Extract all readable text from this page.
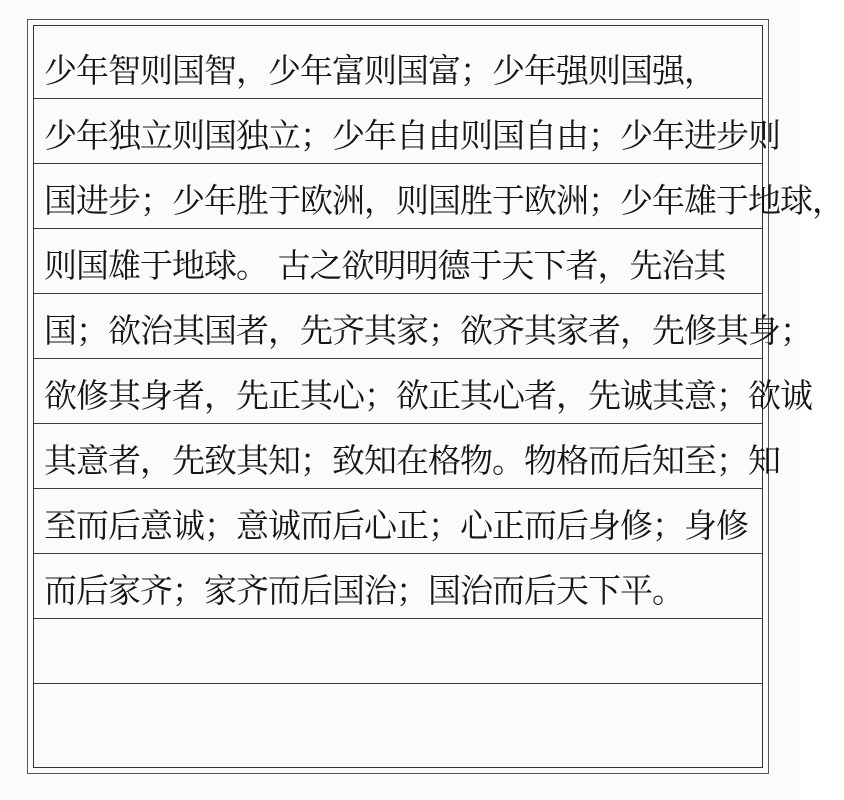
少年智则国智，少年富则国富；少年强则国强，
少年独立则国独立；少年自由则国自由；少年进步则
国进步；少年胜于欧洲，则国胜于欧洲；少年雄于地球，
则国雄于地球。 古之欲明明德于天下者，先治其
国；欲治其国者，先齐其家；欲齐其家者，先修其身；
欲修其身者，先正其心；欲正其心者，先诚其意；欲诚
其意者，先致其知；致知在格物。物格而后知至；知
至而后意诚；意诚而后心正；心正而后身修；身修
而后家齐；家齐而后国治；国治而后天下平。
